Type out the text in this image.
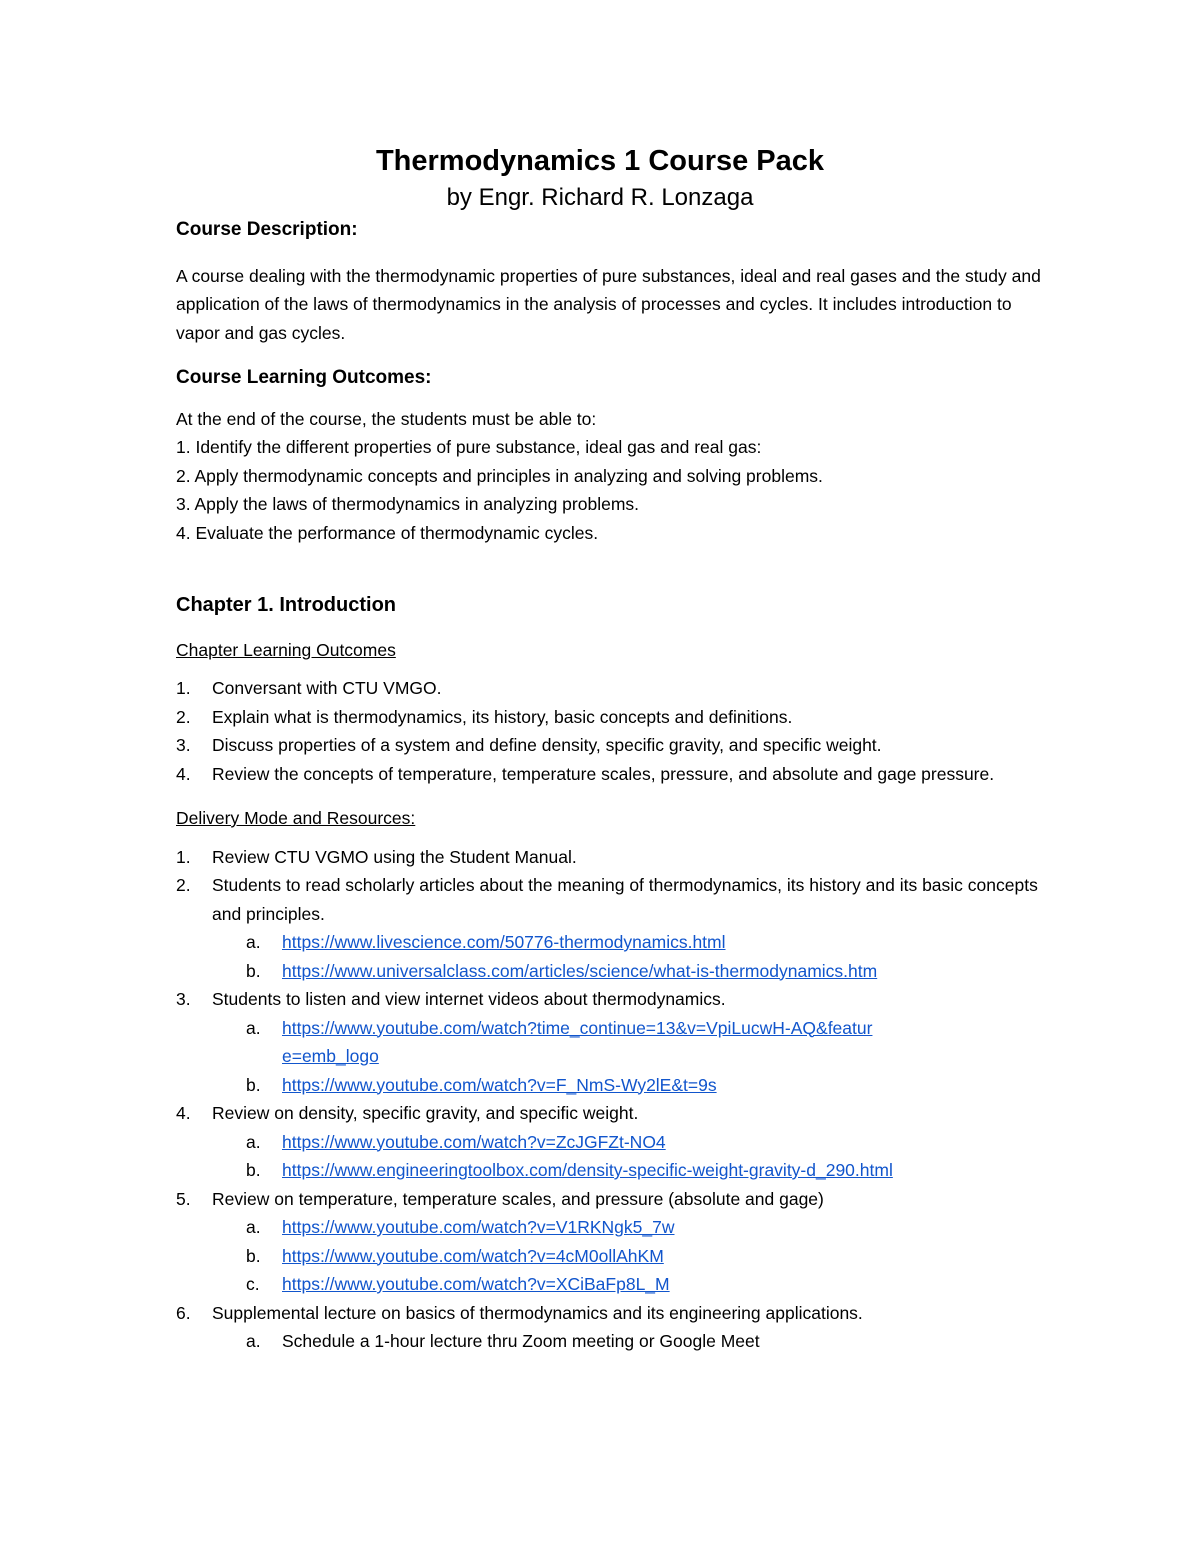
Thermodynamics 1 Course Pack
by Engr. Richard R. Lonzaga

Course Description:

A course dealing with the thermodynamic properties of pure substances, ideal and real gases and the study and application of the laws of thermodynamics in the analysis of processes and cycles. It includes introduction to vapor and gas cycles.

Course Learning Outcomes:

At the end of the course, the students must be able to:

1. Identify the different properties of pure substance, ideal gas and real gas:

2. Apply thermodynamic concepts and principles in analyzing and solving problems.

3. Apply the laws of thermodynamics in analyzing problems.

4. Evaluate the performance of thermodynamic cycles.

Chapter 1. Introduction

Chapter Learning Outcomes

1. Conversant with CTU VMGO.
2. Explain what is thermodynamics, its history, basic concepts and definitions.
3. Discuss properties of a system and define density, specific gravity, and specific weight.
4. Review the concepts of temperature, temperature scales, pressure, and absolute and gage pressure.

Delivery Mode and Resources:

1. Review CTU VGMO using the Student Manual.
2. Students to read scholarly articles about the meaning of thermodynamics, its history and its basic concepts and principles.
a. https://www.livescience.com/50776-thermodynamics.html
b. https://www.universalclass.com/articles/science/what-is-thermodynamics.htm
3. Students to listen and view internet videos about thermodynamics.
a. https://www.youtube.com/watch?time_continue=13&v=VpiLucwH-AQ&feature=emb_logo
b. https://www.youtube.com/watch?v=F_NmS-Wy2lE&t=9s
4. Review on density, specific gravity, and specific weight.
a. https://www.youtube.com/watch?v=ZcJGFZt-NO4
b. https://www.engineeringtoolbox.com/density-specific-weight-gravity-d_290.html
5. Review on temperature, temperature scales, and pressure (absolute and gage)
a. https://www.youtube.com/watch?v=V1RKNgk5_7w
b. https://www.youtube.com/watch?v=4cM0ollAhKM
c. https://www.youtube.com/watch?v=XCiBaFp8L_M
6. Supplemental lecture on basics of thermodynamics and its engineering applications.
a. Schedule a 1-hour lecture thru Zoom meeting or Google Meet
